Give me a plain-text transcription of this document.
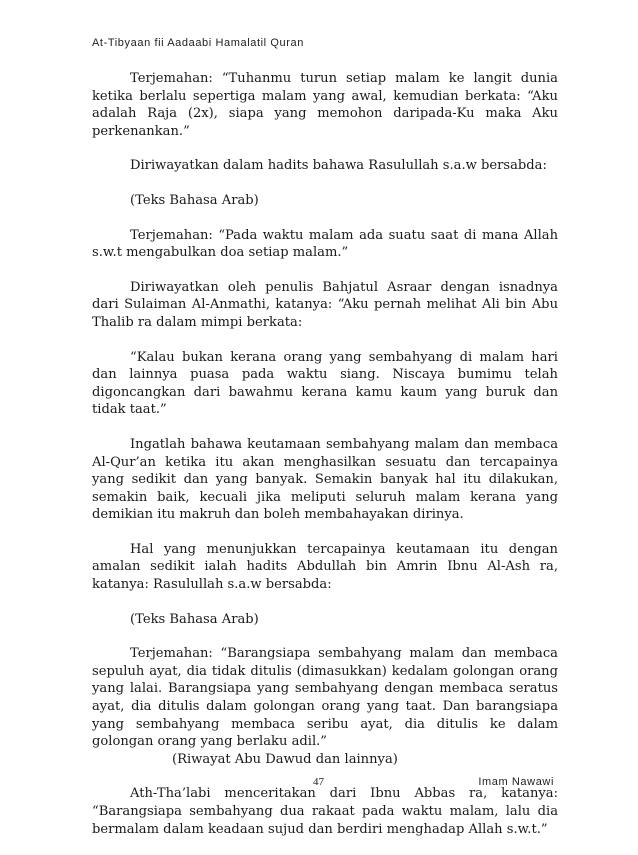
At-Tibyaan fii Aadaabi Hamalatil Quran

Terjemahan: “Tuhanmu turun setiap malam ke langit dunia ketika berlalu sepertiga malam yang awal, kemudian berkata: “Aku adalah Raja (2x), siapa yang memohon daripada-Ku maka Aku perkenankan.”

Diriwayatkan dalam hadits bahawa Rasulullah s.a.w bersabda:

(Teks Bahasa Arab)

Terjemahan: “Pada waktu malam ada suatu saat di mana Allah s.w.t mengabulkan doa setiap malam.”

Diriwayatkan oleh penulis Bahjatul Asraar dengan isnadnya dari Sulaiman Al-Anmathi, katanya: “Aku pernah melihat Ali bin Abu Thalib ra dalam mimpi berkata:

“Kalau bukan kerana orang yang sembahyang di malam hari dan lainnya puasa pada waktu siang. Niscaya bumimu telah digoncangkan dari bawahmu kerana kamu kaum yang buruk dan tidak taat.”

Ingatlah bahawa keutamaan sembahyang malam dan membaca Al-Qur’an ketika itu akan menghasilkan sesuatu dan tercapainya yang sedikit dan yang banyak. Semakin banyak hal itu dilakukan, semakin baik, kecuali jika meliputi seluruh malam kerana yang demikian itu makruh dan boleh membahayakan dirinya.

Hal yang menunjukkan tercapainya keutamaan itu dengan amalan sedikit ialah hadits Abdullah bin Amrin Ibnu Al-Ash ra, katanya: Rasulullah s.a.w bersabda:

(Teks Bahasa Arab)

Terjemahan: “Barangsiapa sembahyang malam dan membaca sepuluh ayat, dia tidak ditulis (dimasukkan) kedalam golongan orang yang lalai. Barangsiapa yang sembahyang dengan membaca seratus ayat, dia ditulis dalam golongan orang yang taat. Dan barangsiapa yang sembahyang membaca seribu ayat, dia ditulis ke dalam golongan orang yang berlaku adil.”

(Riwayat Abu Dawud dan lainnya)

Ath-Tha’labi menceritakan dari Ibnu Abbas ra, katanya: “Barangsiapa sembahyang dua rakaat pada waktu malam, lalu dia bermalam dalam keadaan sujud dan berdiri menghadap Allah s.w.t.”

47	Imam Nawawi
